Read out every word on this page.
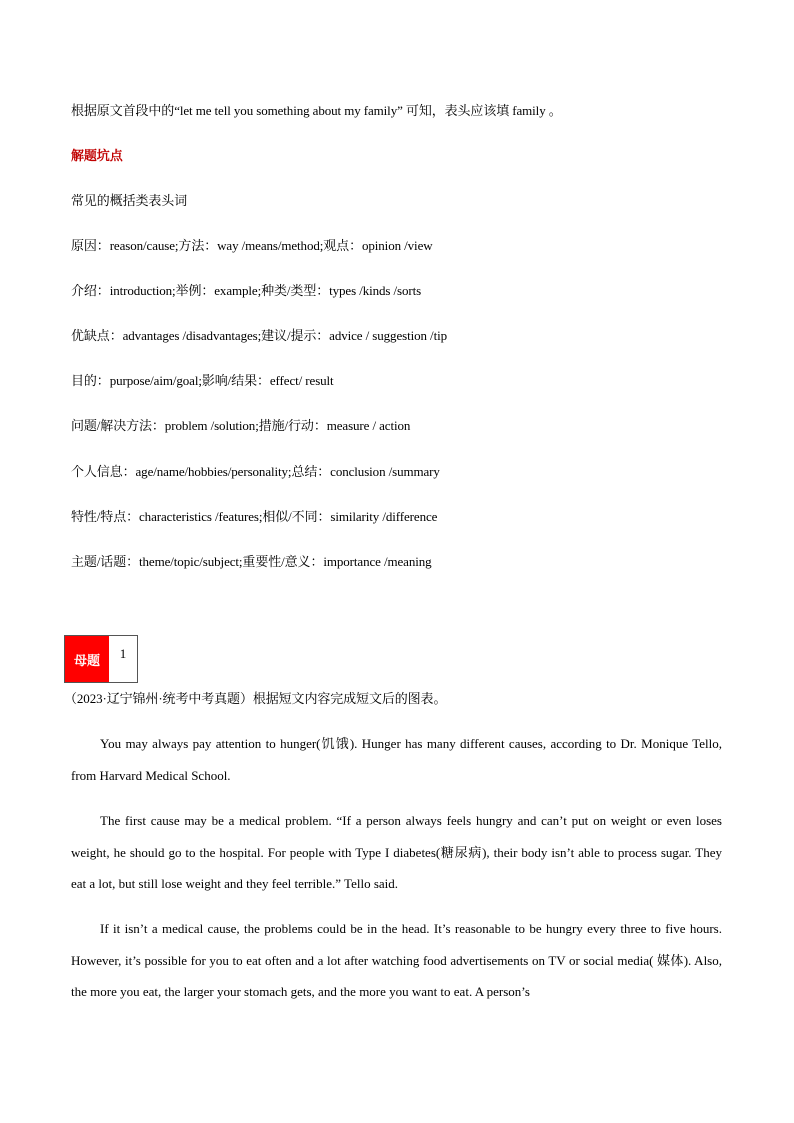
根据原文首段中的“let me tell you something about my family” 可知，表头应该填 family 。
解题坑点
常见的概括类表头词
原因：reason/cause;方法：way /means/method;观点：opinion /view
介绍：introduction;举例：example;种类/类型：types /kinds /sorts
优缺点：advantages /disadvantages;建议/提示：advice / suggestion /tip
目的：purpose/aim/goal;影响/结果：effect/ result
问题/解决方法：problem /solution;措施/行动：measure / action
个人信息：age/name/hobbies/personality;总结：conclusion /summary
特性/特点：characteristics /features;相似/不同：similarity /difference
主题/话题：theme/topic/subject;重要性/意义：importance /meaning
母题	1
（2023·辽宁锦州·统考中考真题）根据短文内容完成短文后的图表。
You may always pay attention to hunger(饥饿). Hunger has many different causes, according to Dr. Monique Tello, from Harvard Medical School.
The first cause may be a medical problem. “If a person always feels hungry and can’t put on weight or even loses weight, he should go to the hospital. For people with Type I diabetes(糖尿病), their body isn’t able to process sugar. They eat a lot, but still lose weight and they feel terrible.” Tello said.
If it isn’t a medical cause, the problems could be in the head. It’s reasonable to be hungry every three to five hours. However, it’s possible for you to eat often and a lot after watching food advertisements on TV or social media( 媒体). Also, the more you eat, the larger your stomach gets, and the more you want to eat. A person’s
